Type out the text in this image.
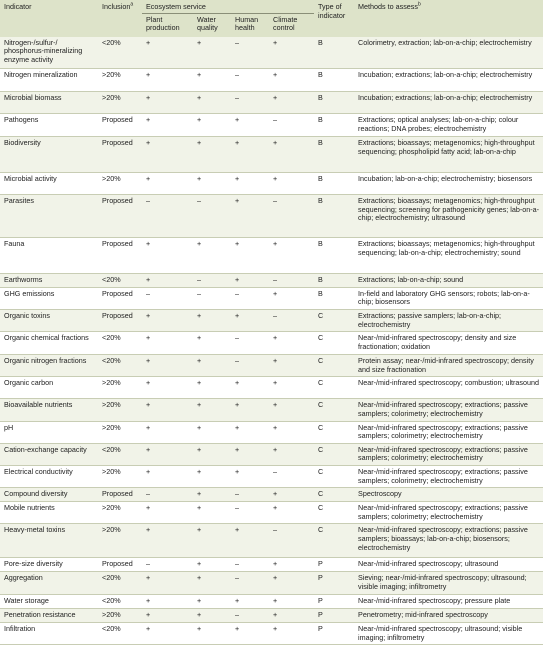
Indicator	Inclusion$^a$	Ecosystem service				Type of indicator	Methods to assess$^b$
		Plant production	Water quality	Human health	Climate control		
Nitrogen-/sulfur-/ phosphorus-mineralizing enzyme activity	<20%	+	+	–	+	B	Colorimetry, extraction; lab-on-a-chip; electrochemistry
Nitrogen mineralization	>20%	+	+	–	+	B	Incubation; extractions; lab-on-a-chip; electrochemistry
Microbial biomass	>20%	+	+	–	+	B	Incubation; extractions; lab-on-a-chip; electrochemistry
Pathogens	Proposed	+	+	+	–	B	Extractions; optical analyses; lab-on-a-chip; colour reactions; DNA probes; electrochemistry
Biodiversity	Proposed	+	+	+	+	B	Extractions; bioassays; metagenomics; high-throughput sequencing; phospholipid fatty acid; lab-on-a-chip
Microbial activity	>20%	+	+	+	+	B	Incubation; lab-on-a-chip; electrochemistry; biosensors
Parasites	Proposed	–	–	+	–	B	Extractions; bioassays; metagenomics; high-throughput sequencing; screening for pathogenicity genes; lab-on-a-chip; electrochemistry; ultrasound
Fauna	Proposed	+	+	+	+	B	Extractions; bioassays; metagenomics; high-throughput sequencing; lab-on-a-chip; electrochemistry; sound
Earthworms	<20%	+	–	+	–	B	Extractions; lab-on-a-chip; sound
GHG emissions	Proposed	–	–	–	+	B	In-field and laboratory GHG sensors; robots; lab-on-a-chip; biosensors
Organic toxins	Proposed	+	+	+	–	C	Extractions; passive samplers; lab-on-a-chip; electrochemistry
Organic chemical fractions	<20%	+	+	–	+	C	Near-/mid-infrared spectroscopy; density and size fractionation; oxidation
Organic nitrogen fractions	<20%	+	+	–	+	C	Protein assay; near-/mid-infrared spectroscopy; density and size fractionation
Organic carbon	>20%	+	+	+	+	C	Near-/mid-infrared spectroscopy; combustion; ultrasound
Bioavailable nutrients	>20%	+	+	+	+	C	Near-/mid-infrared spectroscopy; extractions; passive samplers; colorimetry; electrochemistry
pH	>20%	+	+	+	+	C	Near-/mid-infrared spectroscopy; extractions; passive samplers; colorimetry; electrochemistry
Cation-exchange capacity	<20%	+	+	+	+	C	Near-/mid-infrared spectroscopy; extractions; passive samplers; colorimetry; electrochemistry
Electrical conductivity	>20%	+	+	+	–	C	Near-/mid-infrared spectroscopy; extractions; passive samplers; colorimetry; electrochemistry
Compound diversity	Proposed	–	+	–	+	C	Spectroscopy
Mobile nutrients	>20%	+	+	–	+	C	Near-/mid-infrared spectroscopy; extractions; passive samplers; colorimetry; electrochemistry
Heavy-metal toxins	>20%	+	+	+	–	C	Near-/mid-infrared spectroscopy; extractions; passive samplers; bioassays; lab-on-a-chip; biosensors; electrochemistry
Pore-size diversity	Proposed	–	+	–	+	P	Near-/mid-infrared spectroscopy; ultrasound
Aggregation	<20%	+	+	–	+	P	Sieving; near-/mid-infrared spectroscopy; ultrasound; visible imaging; infiltrometry
Water storage	<20%	+	+	+	+	P	Near-/mid-infrared spectroscopy; pressure plate
Penetration resistance	>20%	+	+	–	+	P	Penetrometry; mid-infrared spectroscopy
Infiltration	<20%	+	+	+	+	P	Near-/mid-infrared spectroscopy; ultrasound; visible imaging; infiltrometry
